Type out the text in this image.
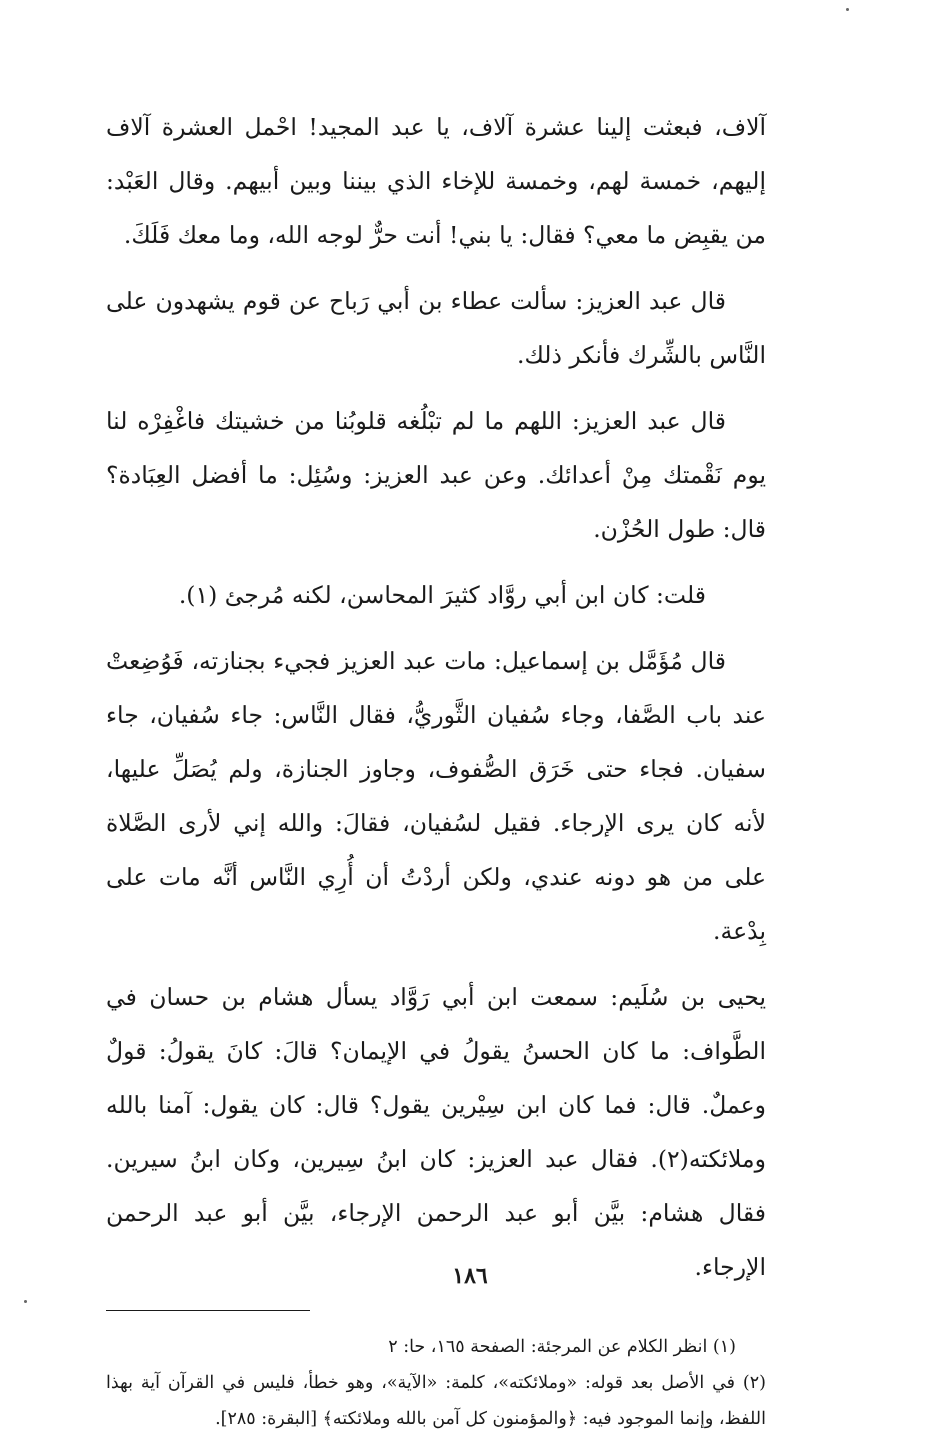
آلاف، فبعثت إلينا عشرة آلاف، يا عبد المجيد! احْمل العشرة آلاف إليهم، خمسة لهم، وخمسة للإخاء الذي بيننا وبين أبيهم. وقال العَبْد: من يقبِض ما معي؟ فقال: يا بني! أنت حرٌّ لوجه الله، وما معك فَلَكَ.

قال عبد العزيز: سألت عطاء بن أبي رَباح عن قوم يشهدون على النَّاس بالشِّرك فأنكر ذلك.

قال عبد العزيز: اللهم ما لم تبْلُغه قلوبُنا من خشيتك فاغْفِرْه لنا يوم نَقْمتك مِنْ أعدائك. وعن عبد العزيز: وسُئِل: ما أفضل العِبَادة؟ قال: طول الحُزْن.

قلت: كان ابن أبي روَّاد كثيرَ المحاسن، لكنه مُرجئ (١).

قال مُؤَمَّل بن إسماعيل: مات عبد العزيز فجيء بجنازته، فَوُضِعتْ عند باب الصَّفا، وجاء سُفيان الثَّوريُّ، فقال النَّاس: جاء سُفيان، جاء سفيان. فجاء حتى خَرَق الصُّفوف، وجاوز الجنازة، ولم يُصَلِّ عليها، لأنه كان يرى الإرجاء. فقيل لسُفيان، فقالَ: والله إني لأرى الصَّلاة على من هو دونه عندي، ولكن أردْتُ أن أُرِي النَّاس أنَّه مات على بِدْعة.

يحيى بن سُلَيم: سمعت ابن أبي رَوَّاد يسأل هشام بن حسان في الطَّواف: ما كان الحسنُ يقولُ في الإيمان؟ قالَ: كانَ يقولُ: قولٌ وعملٌ. قال: فما كان ابن سِيْرين يقول؟ قال: كان يقول: آمنا بالله وملائكته(٢). فقال عبد العزيز: كان ابنُ سِيرين، وكان ابنُ سيرين. فقال هشام: بيَّن أبو عبد الرحمن الإرجاء، بيَّن أبو عبد الرحمن الإرجاء.

(١) انظر الكلام عن المرجئة: الصفحة ١٦٥، حا: ٢

(٢) في الأصل بعد قوله: «وملائكته»، كلمة: «الآية»، وهو خطأ، فليس في القرآن آية بهذا اللفظ، وإنما الموجود فيه: ﴿والمؤمنون كل آمن بالله وملائكته﴾ [البقرة: ٢٨٥].

١٨٦
